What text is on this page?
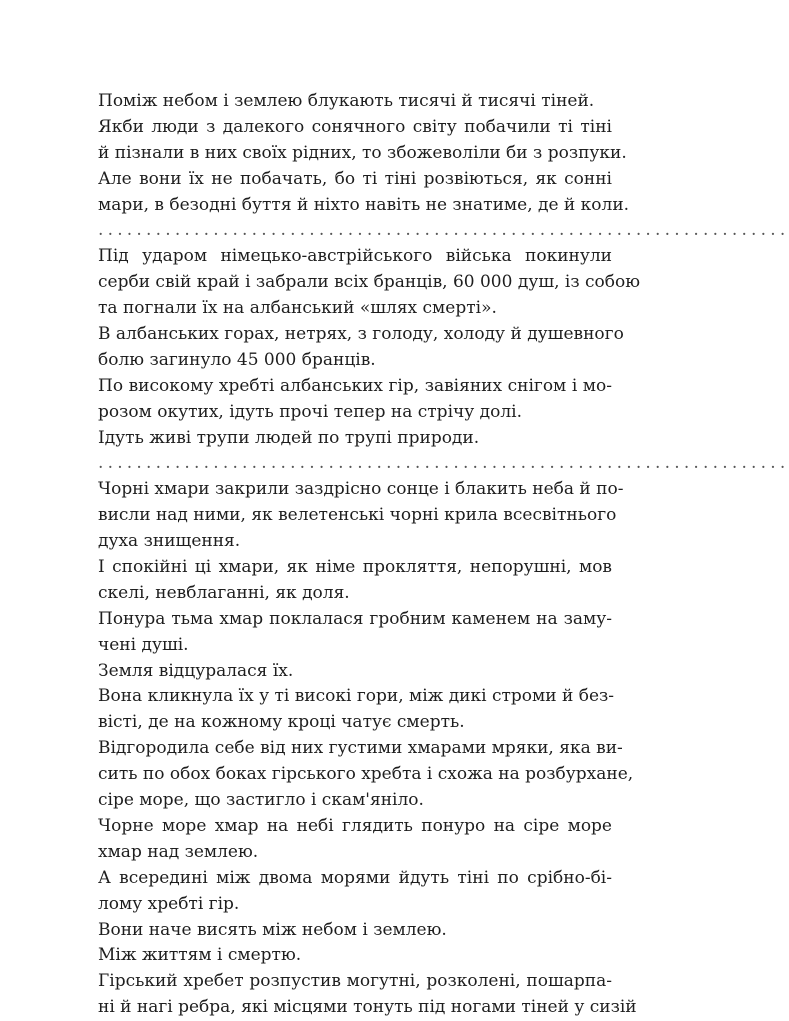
Поміж небом і землею блукають тисячі й тисячі тіней.
Якби люди з далекого сонячного світу побачили ті тіні
й пізнали в них своїх рідних, то збожеволіли би з розпуки.
Але вони їх не побачать, бо ті тіні розвіються, як сонні
мари, в безодні буття й ніхто навіть не знатиме, де й коли.
........................................................................
Під ударом німецько-австрійського війська покинули
серби свій край і забрали всіх бранців, 60 000 душ, із собою
та погнали їх на албанський «шлях смерті».
В албанських горах, нетрях, з голоду, холоду й душевного
болю загинуло 45 000 бранців.
По високому хребті албанських гір, завіяних снігом і мо-
розом окутих, ідуть прочі тепер на стрічу долі.
Ідуть живі трупи людей по трупі природи.
........................................................................
Чорні хмари закрили заздрісно сонце і блакить неба й по-
висли над ними, як велетенські чорні крила всесвітнього
духа знищення.
І спокійні ці хмари, як німе прокляття, непорушні, мов
скелі, невблаганні, як доля.
Понура тьма хмар поклалася гробним каменем на заму-
чені душі.
Земля відцуралася їх.
Вона кликнула їх у ті високі гори, між дикі строми й без-
вісті, де на кожному кроці чатує смерть.
Відгородила себе від них густими хмарами мряки, яка ви-
сить по обох боках гірського хребта і схожа на розбурхане,
сіре море, що застигло і скам'яніло.
Чорне море хмар на небі глядить понуро на сіре море
хмар над землею.
А всередині між двома морями йдуть тіні по срібно-бі-
лому хребті гір.
Вони наче висять між небом і землею.
Між життям і смертю.
Гірський хребет розпустив могутні, розколені, пошарпа-
ні й нагі ребра, які місцями тонуть під ногами тіней у сизій
